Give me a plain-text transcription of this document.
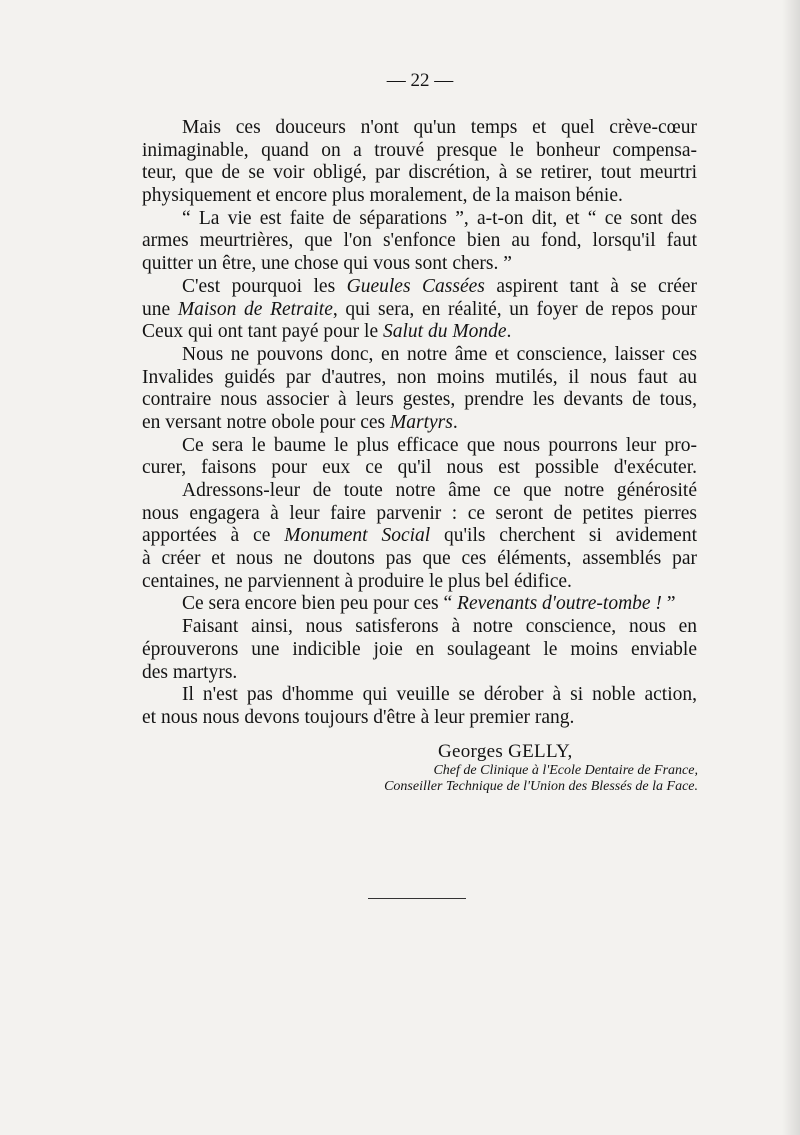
— 22 —
Mais ces douceurs n'ont qu'un temps et quel crève-cœur
inimaginable, quand on a trouvé presque le bonheur compensa-
teur, que de se voir obligé, par discrétion, à se retirer, tout meurtri
physiquement et encore plus moralement, de la maison bénie.
“ La vie est faite de séparations ”, a-t-on dit, et “ ce sont des
armes meurtrières, que l'on s'enfonce bien au fond, lorsqu'il faut
quitter un être, une chose qui vous sont chers. ”
C'est pourquoi les Gueules Cassées aspirent tant à se créer
une Maison de Retraite, qui sera, en réalité, un foyer de repos pour
Ceux qui ont tant payé pour le Salut du Monde.
Nous ne pouvons donc, en notre âme et conscience, laisser ces
Invalides guidés par d'autres, non moins mutilés, il nous faut au
contraire nous associer à leurs gestes, prendre les devants de tous,
en versant notre obole pour ces Martyrs.
Ce sera le baume le plus efficace que nous pourrons leur pro-
curer, faisons pour eux ce qu'il nous est possible d'exécuter.
Adressons-leur de toute notre âme ce que notre générosité
nous engagera à leur faire parvenir : ce seront de petites pierres
apportées à ce Monument Social qu'ils cherchent si avidement
à créer et nous ne doutons pas que ces éléments, assemblés par
centaines, ne parviennent à produire le plus bel édifice.
Ce sera encore bien peu pour ces “ Revenants d'outre-tombe ! ”
Faisant ainsi, nous satisferons à notre conscience, nous en
éprouverons une indicible joie en soulageant le moins enviable
des martyrs.
Il n'est pas d'homme qui veuille se dérober à si noble action,
et nous nous devons toujours d'être à leur premier rang.
Georges GELLY,
Chef de Clinique à l'Ecole Dentaire de France,
Conseiller Technique de l'Union des Blessés de la Face.
